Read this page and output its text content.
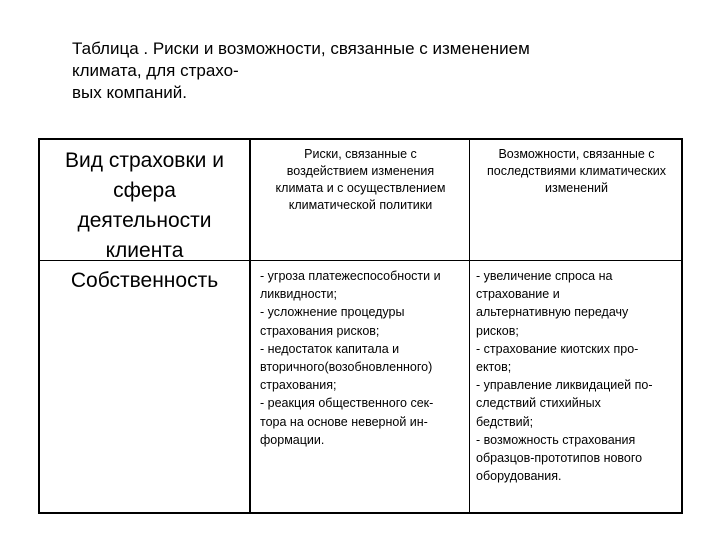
Таблица . Риски и возможности, связанные с изменением
климата, для страхо-
вых компаний.
Вид страховки и
сфера
деятельности
клиента
Риски, связанные с
воздействием изменения
климата и с осуществлением
климатической политики
Возможности, связанные с
последствиями климатических
изменений
Собственность	- угроза платежеспособности и
ликвидности;
- усложнение процедуры
страхования рисков;
- недостаток капитала и
вторичного(возобновленного)
страхования;
- реакция общественного сек-
тора на основе неверной ин-
формации.
- увеличение спроса на
страхование и
альтернативную передачу
рисков;
- страхование киотских про-
ектов;
- управление ликвидацией по-
следствий стихийных
бедствий;
- возможность страхования
образцов-прототипов нового
оборудования.
